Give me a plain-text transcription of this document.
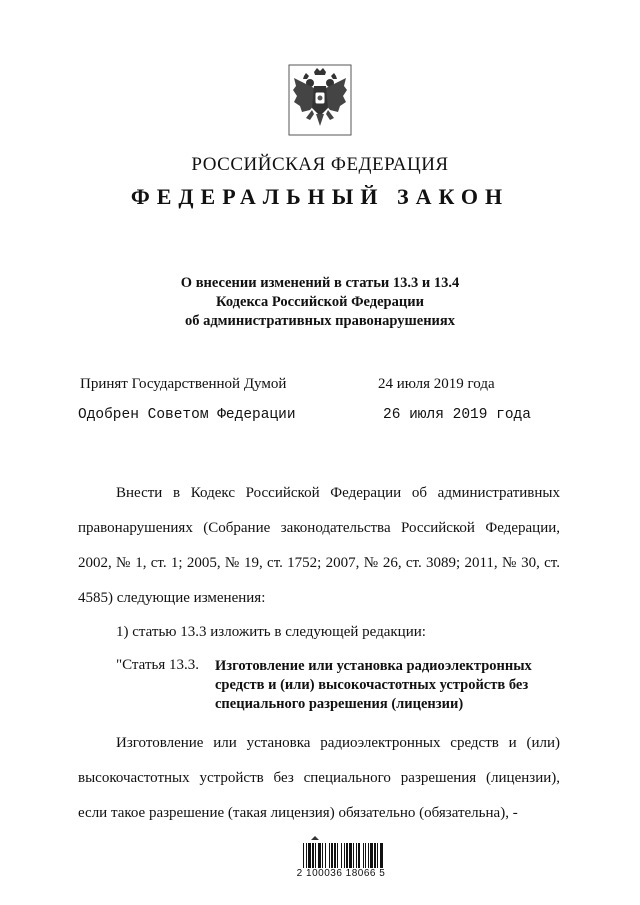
РОССИЙСКАЯ ФЕДЕРАЦИЯ
ФЕДЕРАЛЬНЫЙ ЗАКОН
О внесении изменений в статьи 13.3 и 13.4
Кодекса Российской Федерации
об административных правонарушениях
Принят Государственной Думой	24 июля 2019 года
Одобрен Советом Федерации	26 июля 2019 года
Внести в Кодекс Российской Федерации об административных правонарушениях (Собрание законодательства Российской Федерации, 2002, № 1, ст. 1; 2005, № 19, ст. 1752; 2007, № 26, ст. 3089; 2011, № 30, ст. 4585) следующие изменения:
1) статью 13.3 изложить в следующей редакции:
"Статья 13.3. Изготовление или установка радиоэлектронных средств и (или) высокочастотных устройств без специального разрешения (лицензии)
Изготовление или установка радиоэлектронных средств и (или) высокочастотных устройств без специального разрешения (лицензии), если такое разрешение (такая лицензия) обязательно (обязательна), -
2 100036 18066 5
